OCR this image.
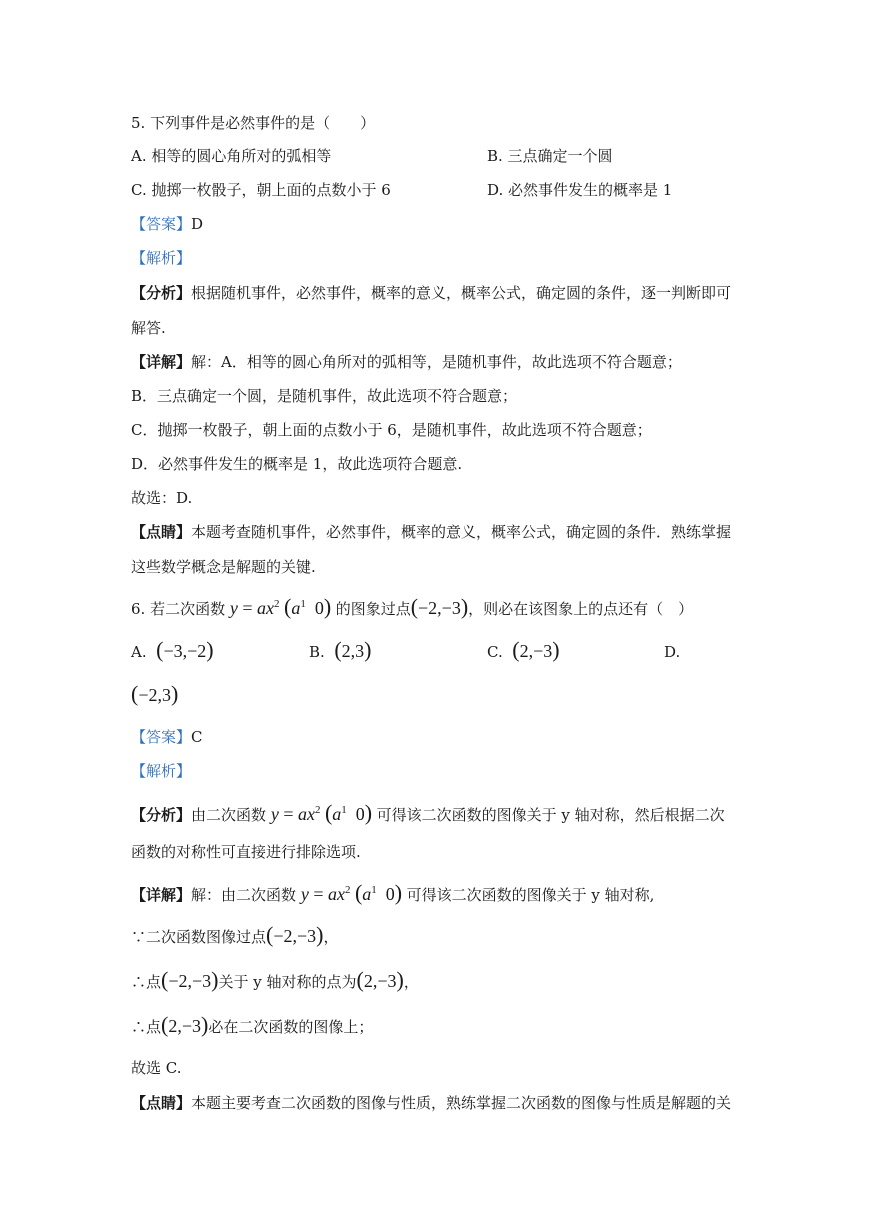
5. 下列事件是必然事件的是（　　）
A. 相等的圆心角所对的弧相等	B. 三点确定一个圆
C. 抛掷一枚骰子，朝上面的点数小于 6	D. 必然事件发生的概率是 1
【答案】D
【解析】
【分析】根据随机事件，必然事件，概率的意义，概率公式，确定圆的条件，逐一判断即可
解答.
【详解】解：A．相等的圆心角所对的弧相等，是随机事件，故此选项不符合题意；
B．三点确定一个圆，是随机事件，故此选项不符合题意；
C．抛掷一枚骰子，朝上面的点数小于 6，是随机事件，故此选项不符合题意；
D．必然事件发生的概率是 1，故此选项符合题意.
故选：D.
【点睛】本题考查随机事件，必然事件，概率的意义，概率公式，确定圆的条件．熟练掌握
这些数学概念是解题的关键.
6. 若二次函数 $y = ax^2$ ($a^1$ 0) 的图象过点(−2,−3)，则必在该图象上的点还有（　）
A. (−3,−2)	B. (2,3)	C. (2,−3)	D.
(−2,3)
【答案】C
【解析】
【分析】由二次函数 $y = ax^2$ ($a^1$ 0) 可得该二次函数的图像关于 y 轴对称，然后根据二次
函数的对称性可直接进行排除选项.
【详解】解：由二次函数 $y = ax^2$ ($a^1$ 0) 可得该二次函数的图像关于 y 轴对称,
∵二次函数图像过点(−2,−3)，
∴点(−2,−3)关于 y 轴对称的点为(2,−3)，
∴点(2,−3)必在二次函数的图像上；
故选 C.
【点睛】本题主要考查二次函数的图像与性质，熟练掌握二次函数的图像与性质是解题的关
